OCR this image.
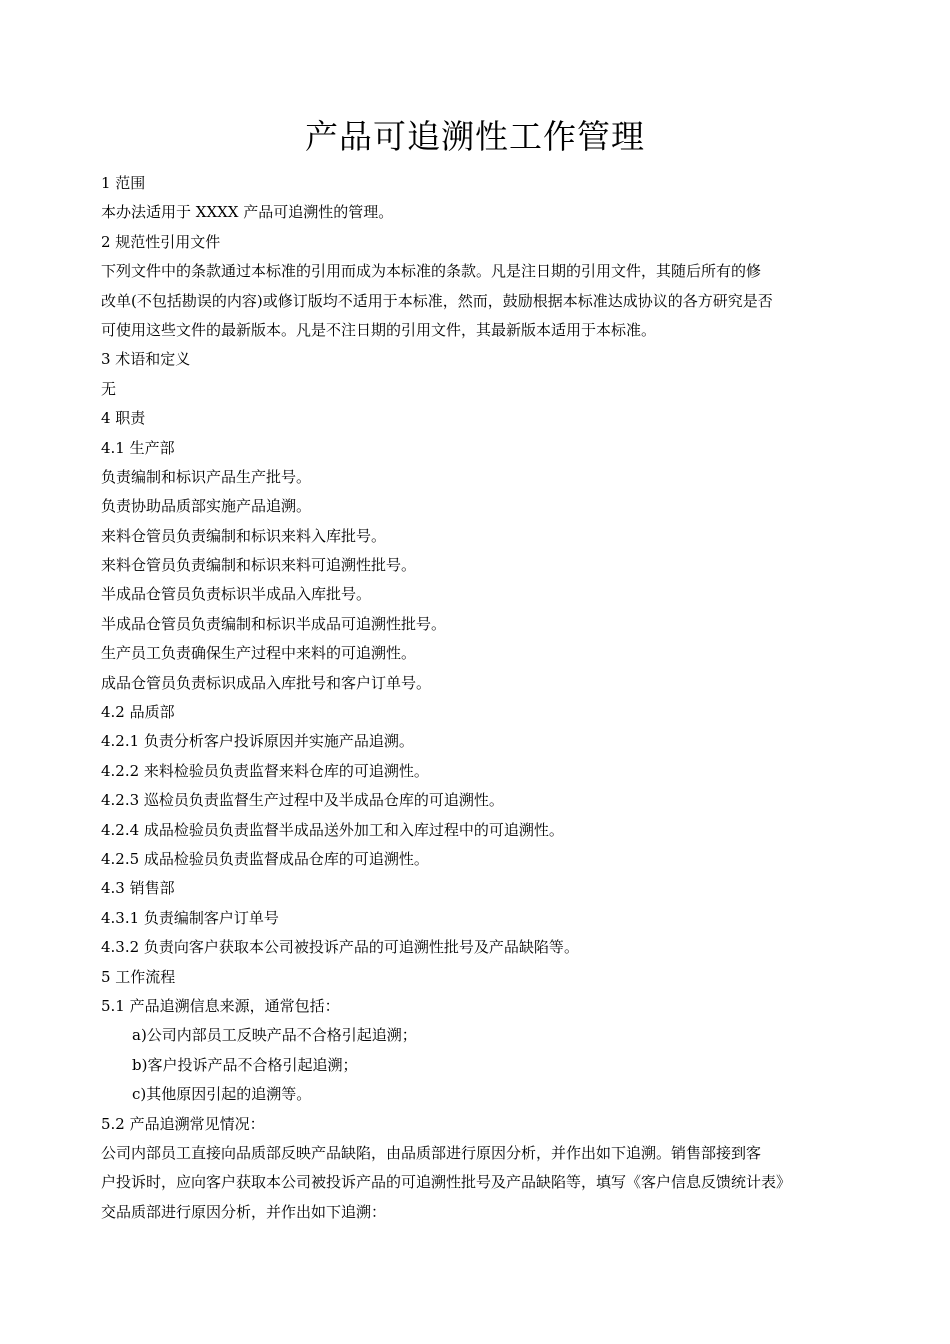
产品可追溯性工作管理
1 范围
本办法适用于 XXXX 产品可追溯性的管理。
2 规范性引用文件
下列文件中的条款通过本标准的引用而成为本标准的条款。凡是注日期的引用文件，其随后所有的修
改单(不包括勘误的内容)或修订版均不适用于本标准，然而，鼓励根据本标准达成协议的各方研究是否
可使用这些文件的最新版本。凡是不注日期的引用文件，其最新版本适用于本标准。
3 术语和定义
无
4 职责
4.1 生产部
负责编制和标识产品生产批号。
负责协助品质部实施产品追溯。
来料仓管员负责编制和标识来料入库批号。
来料仓管员负责编制和标识来料可追溯性批号。
半成品仓管员负责标识半成品入库批号。
半成品仓管员负责编制和标识半成品可追溯性批号。
生产员工负责确保生产过程中来料的可追溯性。
成品仓管员负责标识成品入库批号和客户订单号。
4.2 品质部
4.2.1 负责分析客户投诉原因并实施产品追溯。
4.2.2 来料检验员负责监督来料仓库的可追溯性。
4.2.3 巡检员负责监督生产过程中及半成品仓库的可追溯性。
4.2.4 成品检验员负责监督半成品送外加工和入库过程中的可追溯性。
4.2.5 成品检验员负责监督成品仓库的可追溯性。
4.3 销售部
4.3.1 负责编制客户订单号
4.3.2 负责向客户获取本公司被投诉产品的可追溯性批号及产品缺陷等。
5 工作流程
5.1 产品追溯信息来源，通常包括：
a)公司内部员工反映产品不合格引起追溯；
b)客户投诉产品不合格引起追溯；
c)其他原因引起的追溯等。
5.2 产品追溯常见情况：
公司内部员工直接向品质部反映产品缺陷，由品质部进行原因分析，并作出如下追溯。销售部接到客
户投诉时，应向客户获取本公司被投诉产品的可追溯性批号及产品缺陷等，填写《客户信息反馈统计表》
交品质部进行原因分析，并作出如下追溯：
